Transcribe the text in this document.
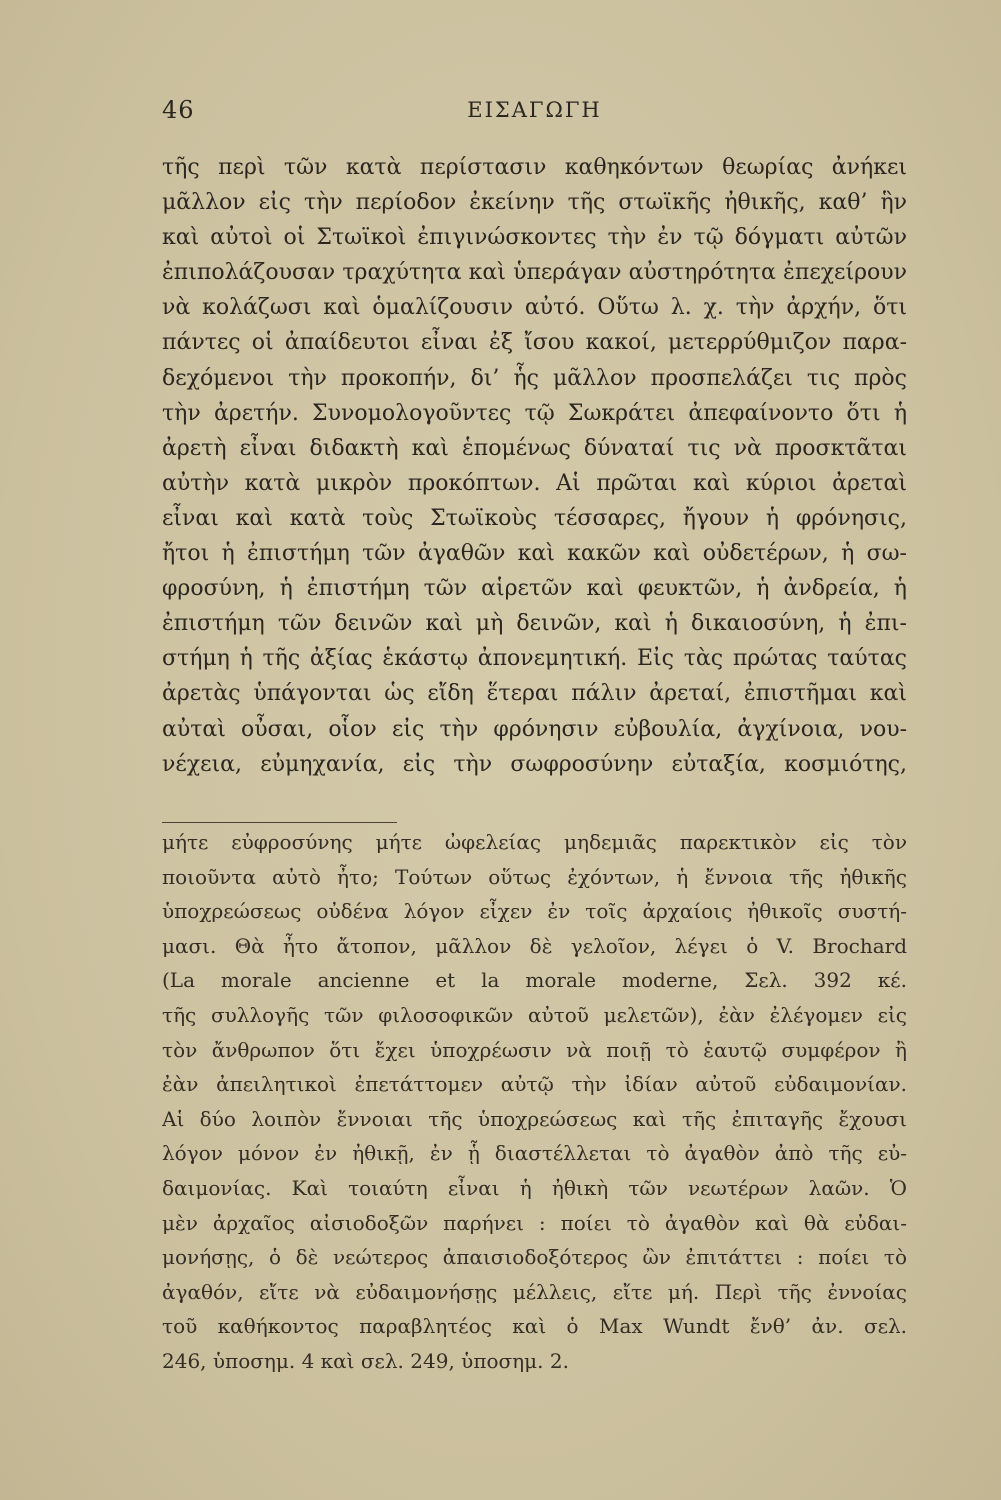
46	ΕΙΣΑΓΩΓΗ
τῆς περὶ τῶν κατὰ περίστασιν καθηκόντων θεωρίας ἀνήκει
μᾶλλον εἰς τὴν περίοδον ἐκείνην τῆς στωϊκῆς ἠθικῆς, καθ’ ἣν
καὶ αὐτοὶ οἱ Στωϊκοὶ ἐπιγινώσκοντες τὴν ἐν τῷ δόγματι αὐτῶν
ἐπιπολάζουσαν τραχύτητα καὶ ὑπεράγαν αὐστηρότητα ἐπεχείρουν
νὰ κολάζωσι καὶ ὁμαλίζουσιν αὐτό. Οὕτω λ. χ. τὴν ἀρχήν, ὅτι
πάντες οἱ ἀπαίδευτοι εἶναι ἐξ ἴσου κακοί, μετερρύθμιζον παρα-
δεχόμενοι τὴν προκοπήν, δι’ ἧς μᾶλλον προσπελάζει τις πρὸς
τὴν ἀρετήν. Συνομολογοῦντες τῷ Σωκράτει ἀπεφαίνοντο ὅτι ἡ
ἀρετὴ εἶναι διδακτὴ καὶ ἑπομένως δύναταί τις νὰ προσκτᾶται
αὐτὴν κατὰ μικρὸν προκόπτων. Αἱ πρῶται καὶ κύριοι ἀρεταὶ
εἶναι καὶ κατὰ τοὺς Στωϊκοὺς τέσσαρες, ἤγουν ἡ φρόνησις,
ἤτοι ἡ ἐπιστήμη τῶν ἀγαθῶν καὶ κακῶν καὶ οὐδετέρων, ἡ σω-
φροσύνη, ἡ ἐπιστήμη τῶν αἱρετῶν καὶ φευκτῶν, ἡ ἀνδρεία, ἡ
ἐπιστήμη τῶν δεινῶν καὶ μὴ δεινῶν, καὶ ἡ δικαιοσύνη, ἡ ἐπι-
στήμη ἡ τῆς ἀξίας ἑκάστῳ ἀπονεμητική. Εἰς τὰς πρώτας ταύτας
ἀρετὰς ὑπάγονται ὡς εἴδη ἕτεραι πάλιν ἀρεταί, ἐπιστῆμαι καὶ
αὐταὶ οὖσαι, οἷον εἰς τὴν φρόνησιν εὐβουλία, ἀγχίνοια, νου-
νέχεια, εὐμηχανία, εἰς τὴν σωφροσύνην εὐταξία, κοσμιότης,
μήτε εὐφροσύνης μήτε ὠφελείας μηδεμιᾶς παρεκτικὸν εἰς τὸν
ποιοῦντα αὐτὸ ἦτο; Τούτων οὕτως ἐχόντων, ἡ ἔννοια τῆς ἠθικῆς
ὑποχρεώσεως οὐδένα λόγον εἶχεν ἐν τοῖς ἀρχαίοις ἠθικοῖς συστή-
μασι. Θὰ ἦτο ἄτοπον, μᾶλλον δὲ γελοῖον, λέγει ὁ V. Brochard
(La morale ancienne et la morale moderne, Σελ. 392 κέ.
τῆς συλλογῆς τῶν φιλοσοφικῶν αὐτοῦ μελετῶν), ἐὰν ἐλέγομεν εἰς
τὸν ἄνθρωπον ὅτι ἔχει ὑποχρέωσιν νὰ ποιῇ τὸ ἑαυτῷ συμφέρον ἢ
ἐὰν ἀπειλητικοὶ ἐπετάττομεν αὐτῷ τὴν ἰδίαν αὐτοῦ εὐδαιμονίαν.
Αἱ δύο λοιπὸν ἔννοιαι τῆς ὑποχρεώσεως καὶ τῆς ἐπιταγῆς ἔχουσι
λόγον μόνον ἐν ἠθικῇ, ἐν ᾗ διαστέλλεται τὸ ἀγαθὸν ἀπὸ τῆς εὐ-
δαιμονίας. Καὶ τοιαύτη εἶναι ἡ ἠθικὴ τῶν νεωτέρων λαῶν. Ὁ
μὲν ἀρχαῖος αἰσιοδοξῶν παρήνει : ποίει τὸ ἀγαθὸν καὶ θὰ εὐδαι-
μονήσῃς, ὁ δὲ νεώτερος ἀπαισιοδοξότερος ὢν ἐπιτάττει : ποίει τὸ
ἀγαθόν, εἴτε νὰ εὐδαιμονήσῃς μέλλεις, εἴτε μή. Περὶ τῆς ἐννοίας
τοῦ καθήκοντος παραβλητέος καὶ ὁ Max Wundt ἔνθ’ ἀν. σελ.
246, ὑποσημ. 4 καὶ σελ. 249, ὑποσημ. 2.
